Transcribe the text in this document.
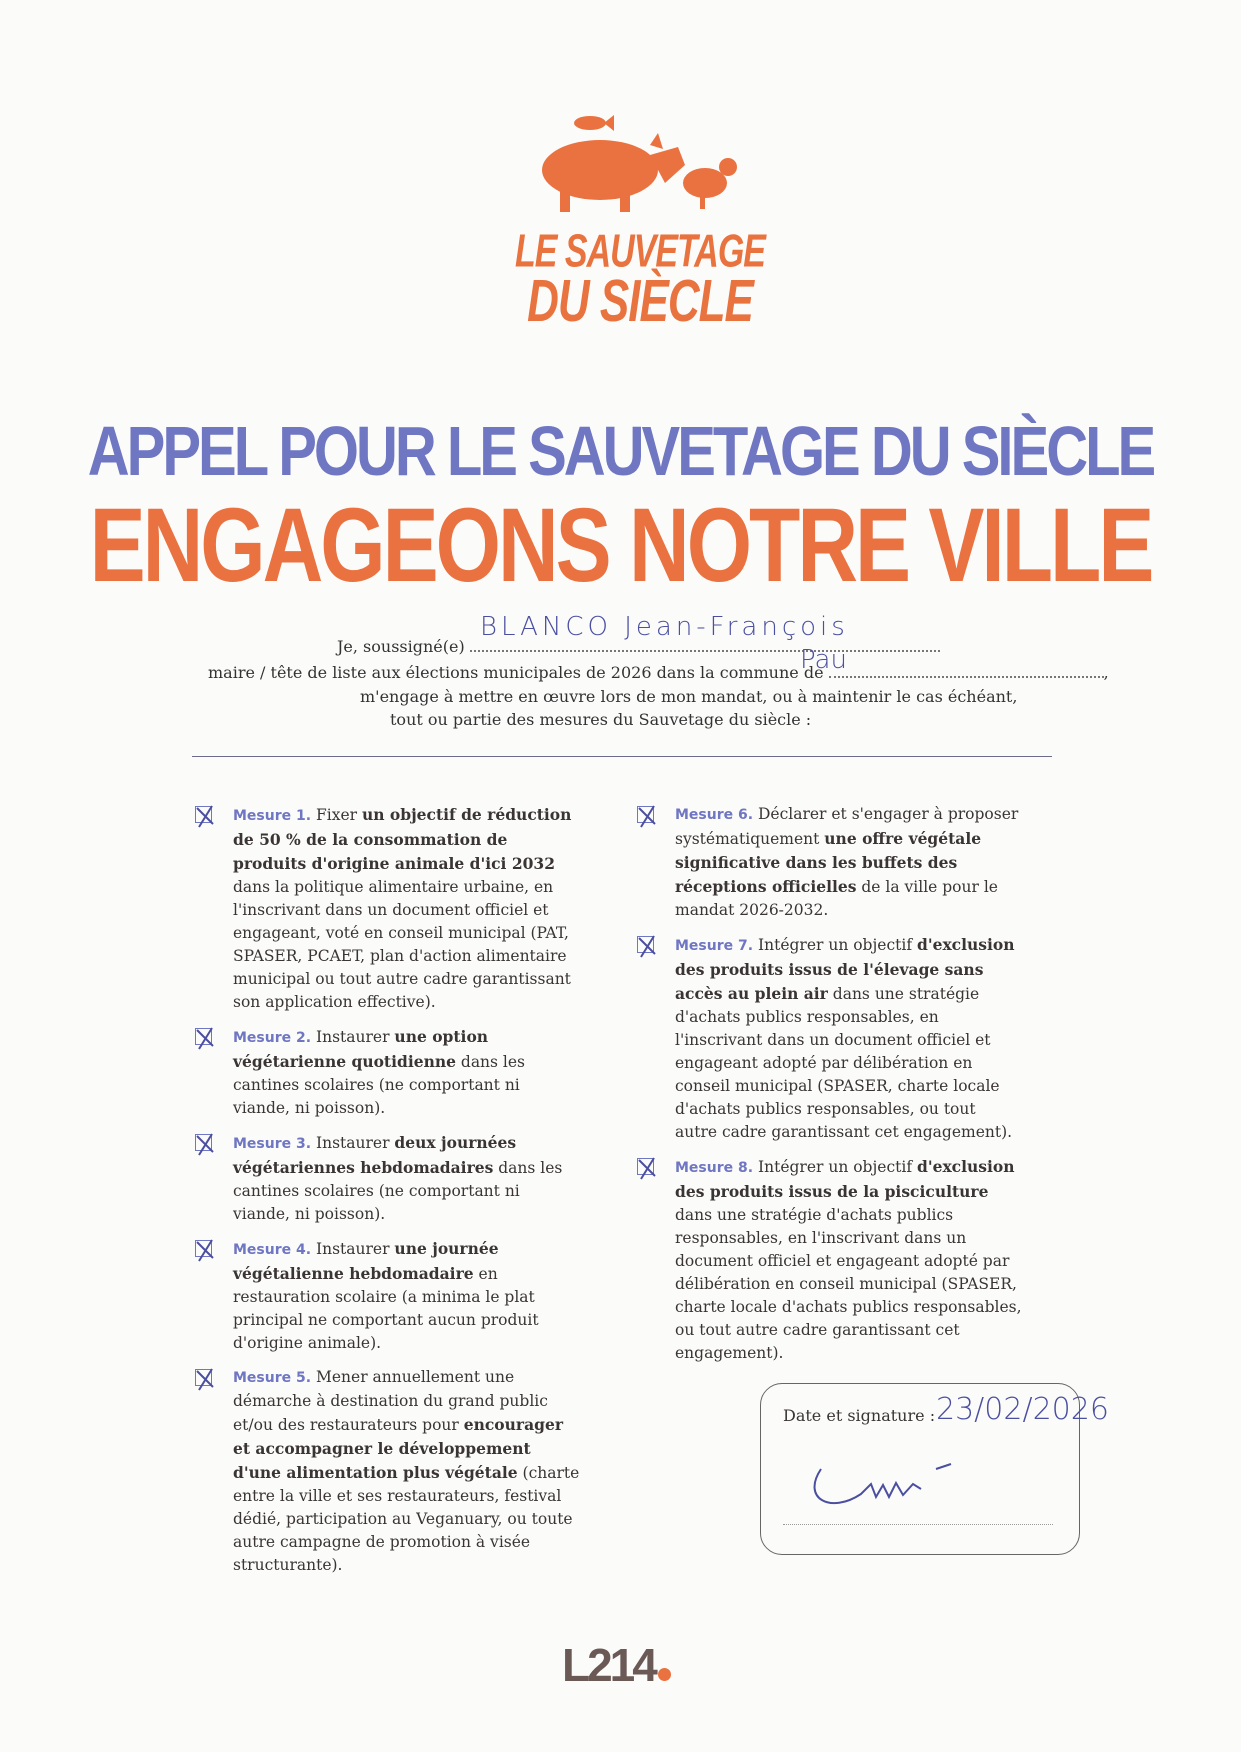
LE SAUVETAGE
DU SIÈCLE
APPEL POUR LE SAUVETAGE DU SIÈCLE
ENGAGEONS NOTRE VILLE
Je, soussigné(e)
BLANCO Jean-François
maire / tête de liste aux élections municipales de 2026 dans la commune de	,
Pau
m'engage à mettre en œuvre lors de mon mandat, ou à maintenir le cas échéant,
tout ou partie des mesures du Sauvetage du siècle :
Mesure 1. Fixer un objectif de réduction de 50 % de la consommation de produits d'origine animale d'ici 2032 dans la politique alimentaire urbaine, en l'inscrivant dans un document officiel et engageant, voté en conseil municipal (PAT, SPASER, PCAET, plan d'action alimentaire municipal ou tout autre cadre garantissant son application effective).
Mesure 2. Instaurer une option végétarienne quotidienne dans les cantines scolaires (ne comportant ni viande, ni poisson).
Mesure 3. Instaurer deux journées végétariennes hebdomadaires dans les cantines scolaires (ne comportant ni viande, ni poisson).
Mesure 4. Instaurer une journée végétalienne hebdomadaire en restauration scolaire (a minima le plat principal ne comportant aucun produit d'origine animale).
Mesure 5. Mener annuellement une démarche à destination du grand public et/ou des restaurateurs pour encourager et accompagner le développement d'une alimentation plus végétale (charte entre la ville et ses restaurateurs, festival dédié, participation au Veganuary, ou toute autre campagne de promotion à visée structurante).
Mesure 6. Déclarer et s'engager à proposer systématiquement une offre végétale significative dans les buffets des réceptions officielles de la ville pour le mandat 2026-2032.
Mesure 7. Intégrer un objectif d'exclusion des produits issus de l'élevage sans accès au plein air dans une stratégie d'achats publics responsables, en l'inscrivant dans un document officiel et engageant adopté par délibération en conseil municipal (SPASER, charte locale d'achats publics responsables, ou tout autre cadre garantissant cet engagement).
Mesure 8. Intégrer un objectif d'exclusion des produits issus de la pisciculture dans une stratégie d'achats publics responsables, en l'inscrivant dans un document officiel et engageant adopté par délibération en conseil municipal (SPASER, charte locale d'achats publics responsables, ou tout autre cadre garantissant cet engagement).
Date et signature : 23/02/2026
L214
